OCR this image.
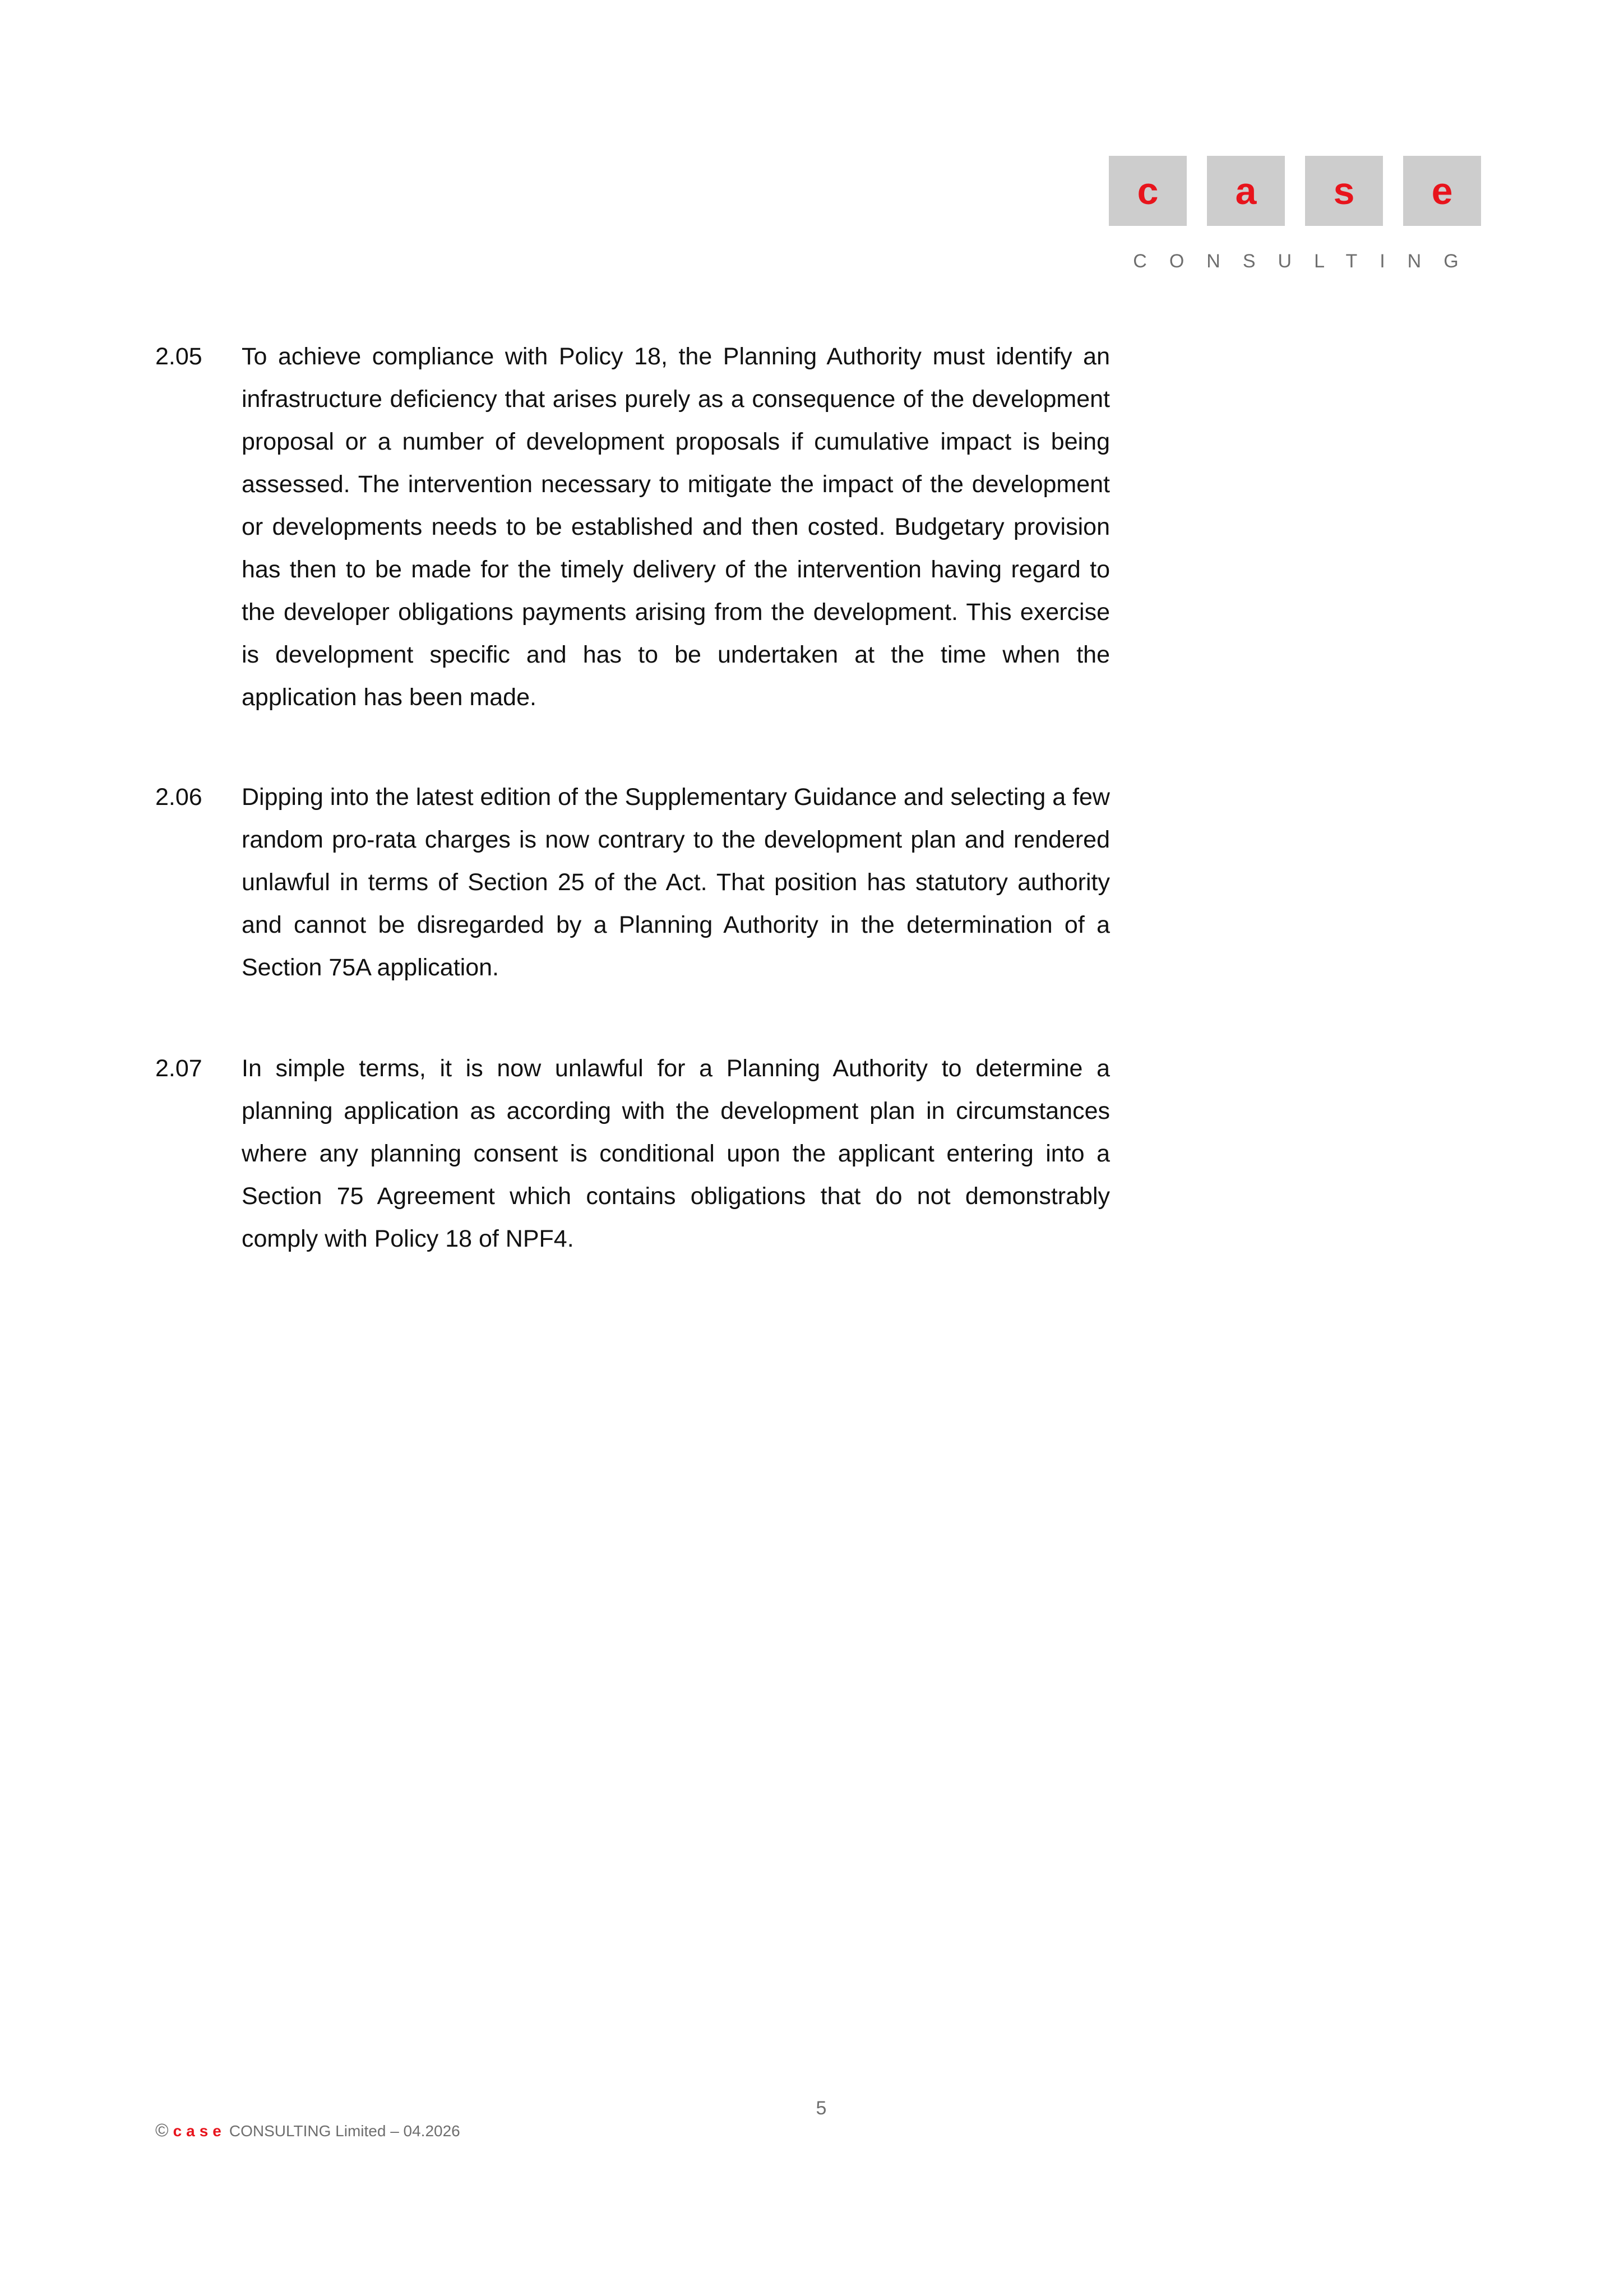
c	a	s	e
CONSULTING
2.05	To achieve compliance with Policy 18, the Planning Authority must identify an infrastructure deficiency that arises purely as a consequence of the development proposal or a number of development proposals if cumulative impact is being assessed. The intervention necessary to mitigate the impact of the development or developments needs to be established and then costed. Budgetary provision has then to be made for the timely delivery of the intervention having regard to the developer obligations payments arising from the development. This exercise is development specific and has to be undertaken at the time when the application has been made.

2.06	Dipping into the latest edition of the Supplementary Guidance and selecting a few random pro-rata charges is now contrary to the development plan and rendered unlawful in terms of Section 25 of the Act. That position has statutory authority and cannot be disregarded by a Planning Authority in the determination of a Section 75A application.

2.07	In simple terms, it is now unlawful for a Planning Authority to determine a planning application as according with the development plan in circumstances where any planning consent is conditional upon the applicant entering into a Section 75 Agreement which contains obligations that do not demonstrably comply with Policy 18 of NPF4.

5
© case CONSULTING Limited – 04.2026
